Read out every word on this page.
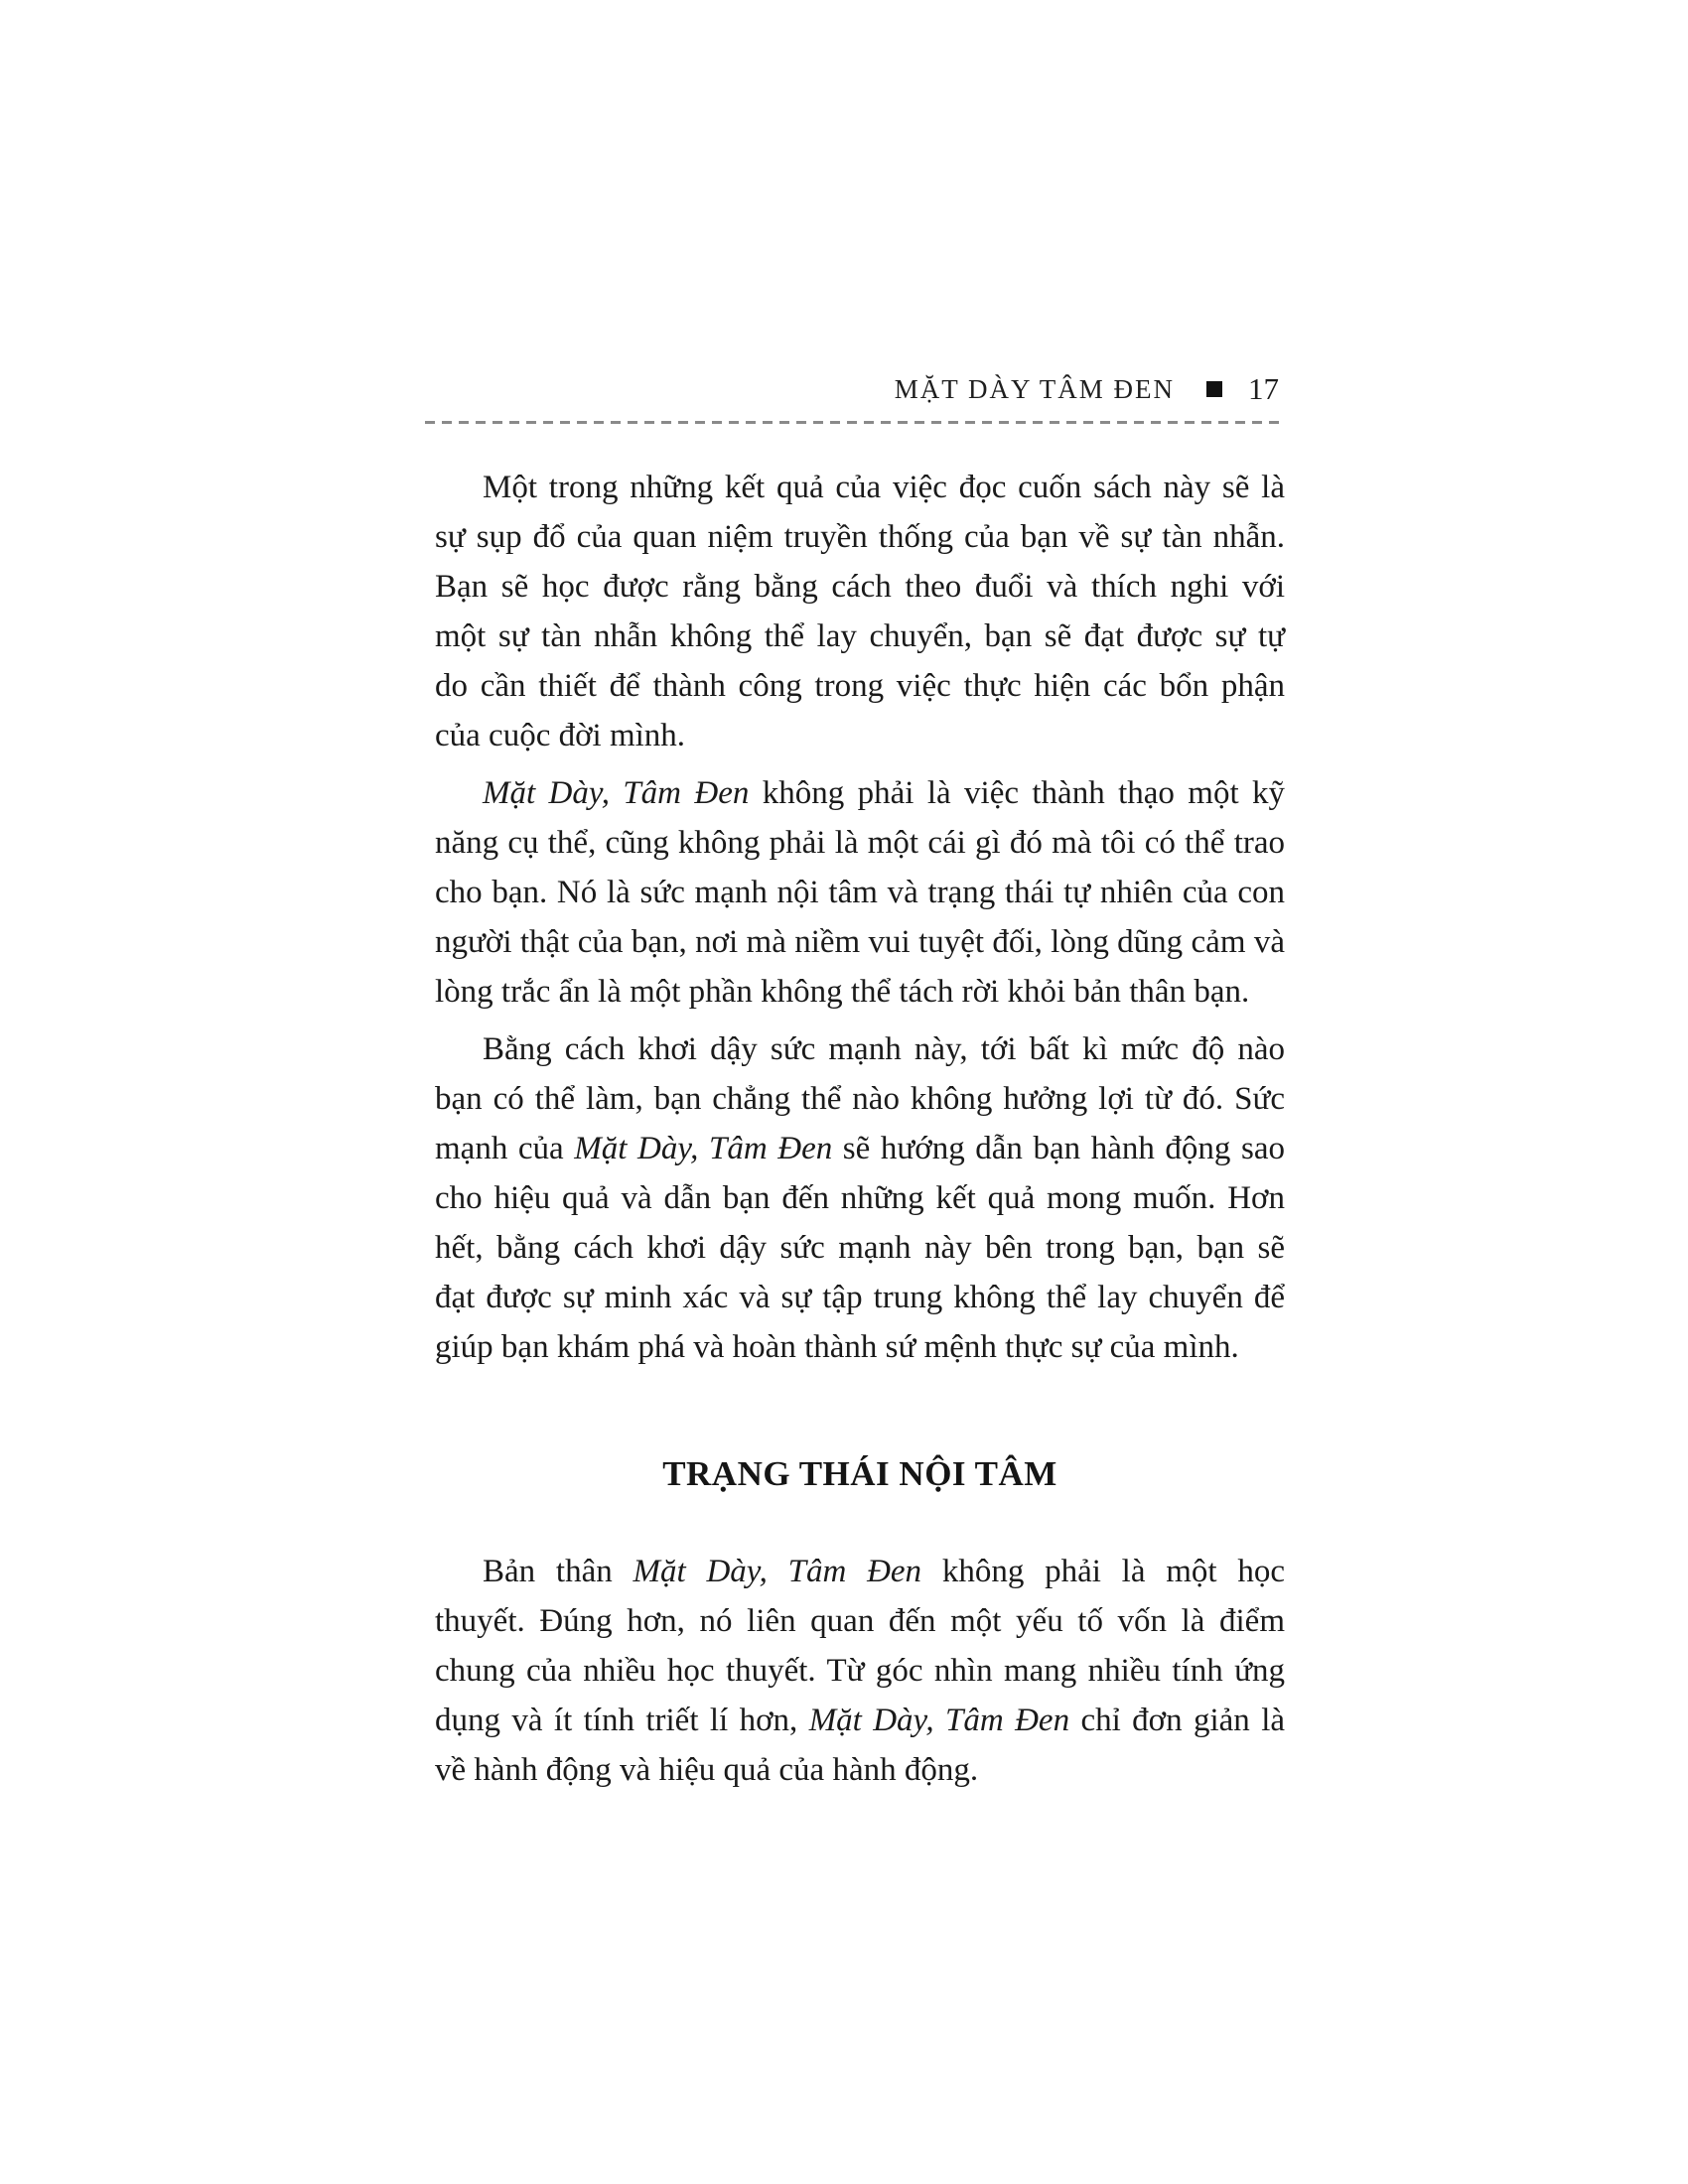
MẶT DÀY TÂM ĐEN 17

Một trong những kết quả của việc đọc cuốn sách này sẽ là
sự sụp đổ của quan niệm truyền thống của bạn về sự tàn nhẫn.
Bạn sẽ học được rằng bằng cách theo đuổi và thích nghi với
một sự tàn nhẫn không thể lay chuyển, bạn sẽ đạt được sự tự
do cần thiết để thành công trong việc thực hiện các bổn phận
của cuộc đời mình.

Mặt Dày, Tâm Đen không phải là việc thành thạo một kỹ
năng cụ thể, cũng không phải là một cái gì đó mà tôi có thể trao
cho bạn. Nó là sức mạnh nội tâm và trạng thái tự nhiên của con
người thật của bạn, nơi mà niềm vui tuyệt đối, lòng dũng cảm và
lòng trắc ẩn là một phần không thể tách rời khỏi bản thân bạn.

Bằng cách khơi dậy sức mạnh này, tới bất kì mức độ nào
bạn có thể làm, bạn chẳng thể nào không hưởng lợi từ đó. Sức
mạnh của Mặt Dày, Tâm Đen sẽ hướng dẫn bạn hành động sao
cho hiệu quả và dẫn bạn đến những kết quả mong muốn. Hơn
hết, bằng cách khơi dậy sức mạnh này bên trong bạn, bạn sẽ
đạt được sự minh xác và sự tập trung không thể lay chuyển để
giúp bạn khám phá và hoàn thành sứ mệnh thực sự của mình.

TRẠNG THÁI NỘI TÂM

Bản thân Mặt Dày, Tâm Đen không phải là một học
thuyết. Đúng hơn, nó liên quan đến một yếu tố vốn là điểm
chung của nhiều học thuyết. Từ góc nhìn mang nhiều tính ứng
dụng và ít tính triết lí hơn, Mặt Dày, Tâm Đen chỉ đơn giản là
về hành động và hiệu quả của hành động.
